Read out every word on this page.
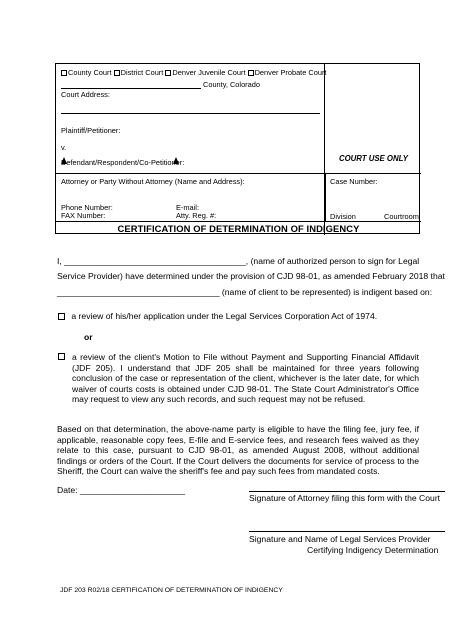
County Court District Court Denver Juvenile Court Denver Probate Court
County, Colorado
Court Address:
Plaintiff/Petitioner:
v.
Defendant/Respondent/Co-Petitioner:	COURT USE ONLY
Attorney or Party Without Attorney (Name and Address):	Case Number:
Phone Number:
FAX Number:
E-mail:
Atty. Reg. #:	Division	Courtroom
CERTIFICATION OF DETERMINATION OF INDIGENCY
I, ______________________________________, (name of authorized person to sign for Legal
Service Provider) have determined under the provision of CJD 98-01, as amended February 2018 that
__________________________________ (name of client to be represented) is indigent based on:
a review of his/her application under the Legal Services Corporation Act of 1974.
or
a review of the client's Motion to File without Payment and Supporting Financial Affidavit (JDF 205). I understand that JDF 205 shall be maintained for three years following conclusion of the case or representation of the client, whichever is the later date, for which waiver of courts costs is obtained under CJD 98-01. The State Court Administrator's Office may request to view any such records, and such request may not be refused.
Based on that determination, the above-name party is eligible to have the filing fee, jury fee, if applicable, reasonable copy fees, E-file and E-service fees, and research fees waived as they relate to this case, pursuant to CJD 98-01, as amended August 2008, without additional findings or orders of the Court. If the Court delivers the documents for service of process to the Sheriff, the Court can waive the sheriff's fee and pay such fees from mandated costs.
Date: ______________________
Signature of Attorney filing this form with the Court
Signature and Name of Legal Services Provider
Certifying Indigency Determination
JDF 203 R02/18 CERTIFICATION OF DETERMINATION OF INDIGENCY
